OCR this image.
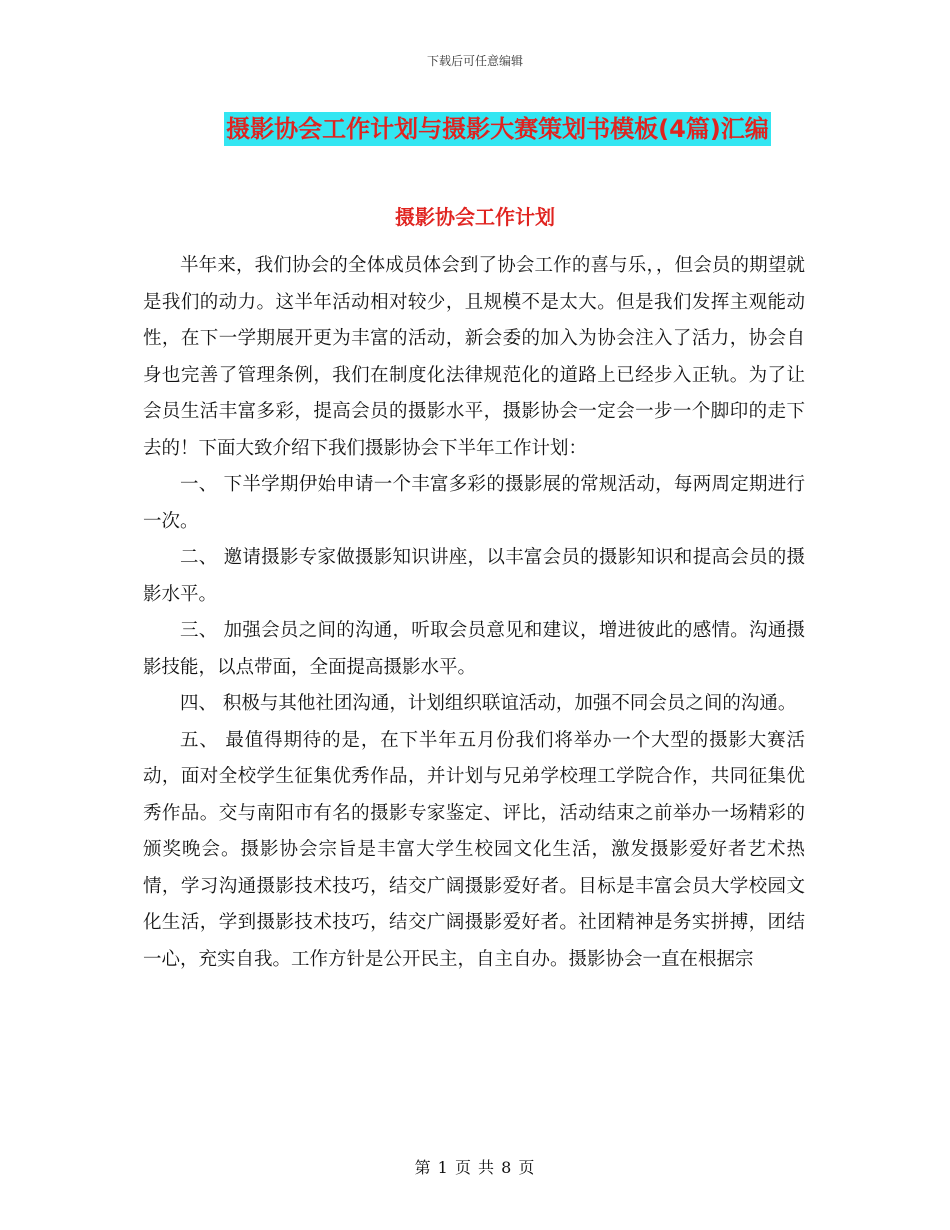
下载后可任意编辑
摄影协会工作计划与摄影大赛策划书模板(4篇)汇编
摄影协会工作计划

半年来，我们协会的全体成员体会到了协会工作的喜与乐，，但会员的期望就是我们的动力。这半年活动相对较少，且规模不是太大。但是我们发挥主观能动性，在下一学期展开更为丰富的活动，新会委的加入为协会注入了活力，协会自身也完善了管理条例，我们在制度化法律规范化的道路上已经步入正轨。为了让会员生活丰富多彩，提高会员的摄影水平，摄影协会一定会一步一个脚印的走下去的！下面大致介绍下我们摄影协会下半年工作计划：

一、 下半学期伊始申请一个丰富多彩的摄影展的常规活动，每两周定期进行一次。

二、 邀请摄影专家做摄影知识讲座，以丰富会员的摄影知识和提高会员的摄影水平。

三、 加强会员之间的沟通，听取会员意见和建议，增进彼此的感情。沟通摄影技能，以点带面，全面提高摄影水平。

四、 积极与其他社团沟通，计划组织联谊活动，加强不同会员之间的沟通。

五、 最值得期待的是，在下半年五月份我们将举办一个大型的摄影大赛活动，面对全校学生征集优秀作品，并计划与兄弟学校理工学院合作，共同征集优秀作品。交与南阳市有名的摄影专家鉴定、评比，活动结束之前举办一场精彩的颁奖晚会。摄影协会宗旨是丰富大学生校园文化生活，激发摄影爱好者艺术热情，学习沟通摄影技术技巧，结交广阔摄影爱好者。目标是丰富会员大学校园文化生活，学到摄影技术技巧，结交广阔摄影爱好者。社团精神是务实拼搏，团结一心，充实自我。工作方针是公开民主，自主自办。摄影协会一直在根据宗

第 1 页 共 8 页
